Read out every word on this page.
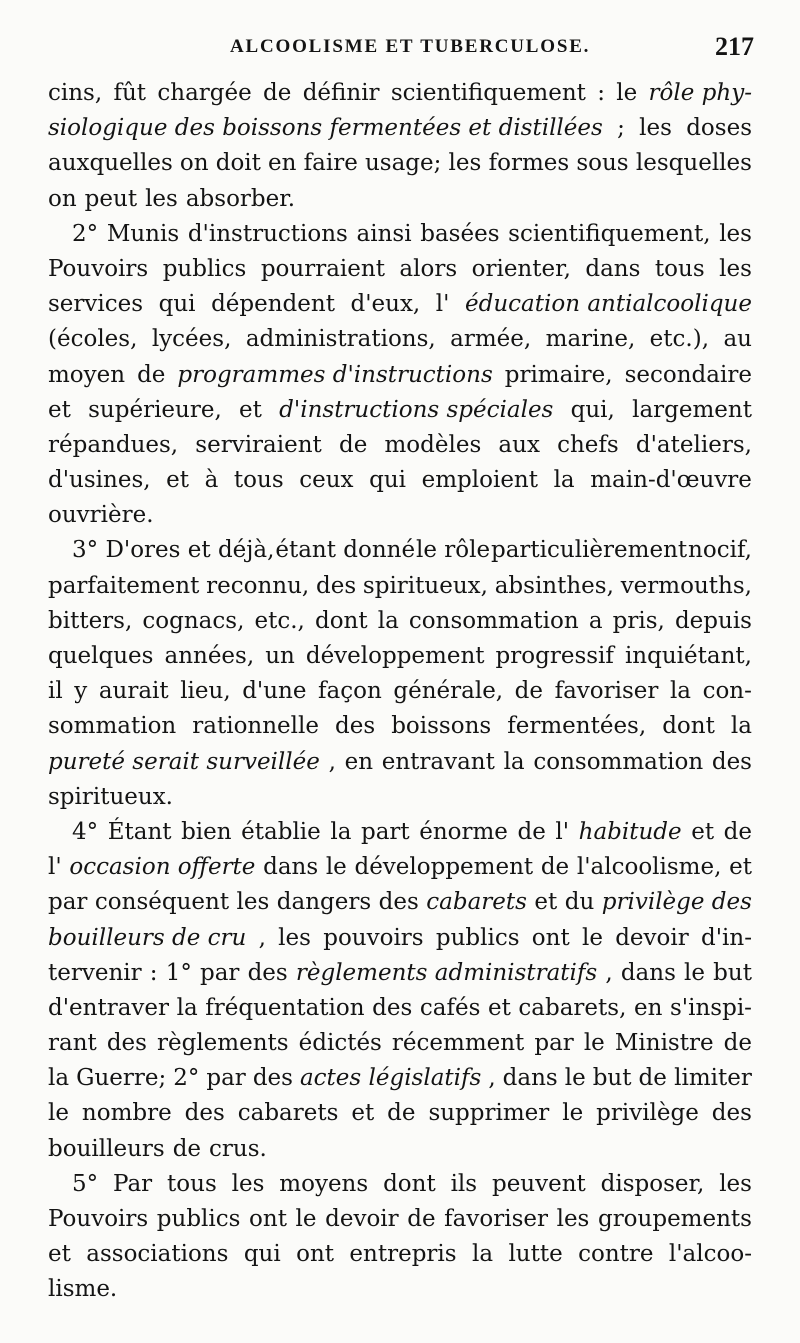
ALCOOLISME ET TUBERCULOSE.	217
cins, fût chargée de définir scientifiquement : le rôle phy-
siologique des boissons fermentées et distillées ; les doses
auxquelles on doit en faire usage; les formes sous lesquelles
on peut les absorber.
2° Munis d'instructions ainsi basées scientifiquement, les
Pouvoirs publics pourraient alors orienter, dans tous les
services qui dépendent d'eux, l' éducation antialcoolique
(écoles, lycées, administrations, armée, marine, etc.), au
moyen de programmes d'instructions primaire, secondaire
et supérieure, et d'instructions spéciales qui, largement
répandues, serviraient de modèles aux chefs d'ateliers,
d'usines, et à tous ceux qui emploient la main-d'œuvre
ouvrière.
3° D'ores et déjà, étant donné le rôle particulièrement nocif,
parfaitement reconnu, des spiritueux, absinthes, vermouths,
bitters, cognacs, etc., dont la consommation a pris, depuis
quelques années, un développement progressif inquiétant,
il y aurait lieu, d'une façon générale, de favoriser la con-
sommation rationnelle des boissons fermentées, dont la
pureté serait surveillée , en entravant la consommation des
spiritueux.
4° Étant bien établie la part énorme de l' habitude et de
l' occasion offerte dans le développement de l'alcoolisme, et
par conséquent les dangers des cabarets et du privilège des
bouilleurs de cru , les pouvoirs publics ont le devoir d'in-
tervenir : 1° par des règlements administratifs , dans le but
d'entraver la fréquentation des cafés et cabarets, en s'inspi-
rant des règlements édictés récemment par le Ministre de
la Guerre; 2° par des actes législatifs , dans le but de limiter
le nombre des cabarets et de supprimer le privilège des
bouilleurs de crus.
5° Par tous les moyens dont ils peuvent disposer, les
Pouvoirs publics ont le devoir de favoriser les groupements
et associations qui ont entrepris la lutte contre l'alcoo-
lisme.
